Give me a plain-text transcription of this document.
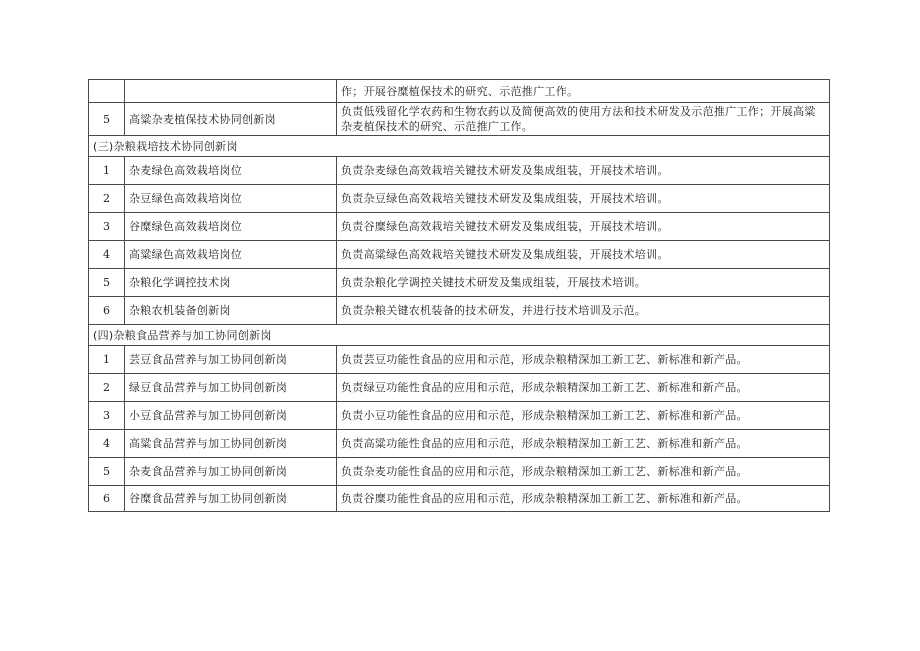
		作；开展谷糜植保技术的研究、示范推广工作。
5	高粱杂麦植保技术协同创新岗	负责低残留化学农药和生物农药以及简便高效的使用方法和技术研发及示范推广工作；开展高粱杂麦植保技术的研究、示范推广工作。
(三)杂粮栽培技术协同创新岗		
1	杂麦绿色高效栽培岗位	负责杂麦绿色高效栽培关键技术研发及集成组装，开展技术培训。
2	杂豆绿色高效栽培岗位	负责杂豆绿色高效栽培关键技术研发及集成组装，开展技术培训。
3	谷糜绿色高效栽培岗位	负责谷糜绿色高效栽培关键技术研发及集成组装，开展技术培训。
4	高粱绿色高效栽培岗位	负责高粱绿色高效栽培关键技术研发及集成组装，开展技术培训。
5	杂粮化学调控技术岗	负责杂粮化学调控关键技术研发及集成组装，开展技术培训。
6	杂粮农机装备创新岗	负责杂粮关键农机装备的技术研发，并进行技术培训及示范。
(四)杂粮食品营养与加工协同创新岗		
1	芸豆食品营养与加工协同创新岗	负责芸豆功能性食品的应用和示范，形成杂粮精深加工新工艺、新标准和新产品。
2	绿豆食品营养与加工协同创新岗	负责绿豆功能性食品的应用和示范，形成杂粮精深加工新工艺、新标准和新产品。
3	小豆食品营养与加工协同创新岗	负责小豆功能性食品的应用和示范，形成杂粮精深加工新工艺、新标准和新产品。
4	高粱食品营养与加工协同创新岗	负责高粱功能性食品的应用和示范，形成杂粮精深加工新工艺、新标准和新产品。
5	杂麦食品营养与加工协同创新岗	负责杂麦功能性食品的应用和示范，形成杂粮精深加工新工艺、新标准和新产品。
6	谷糜食品营养与加工协同创新岗	负责谷糜功能性食品的应用和示范，形成杂粮精深加工新工艺、新标准和新产品。
